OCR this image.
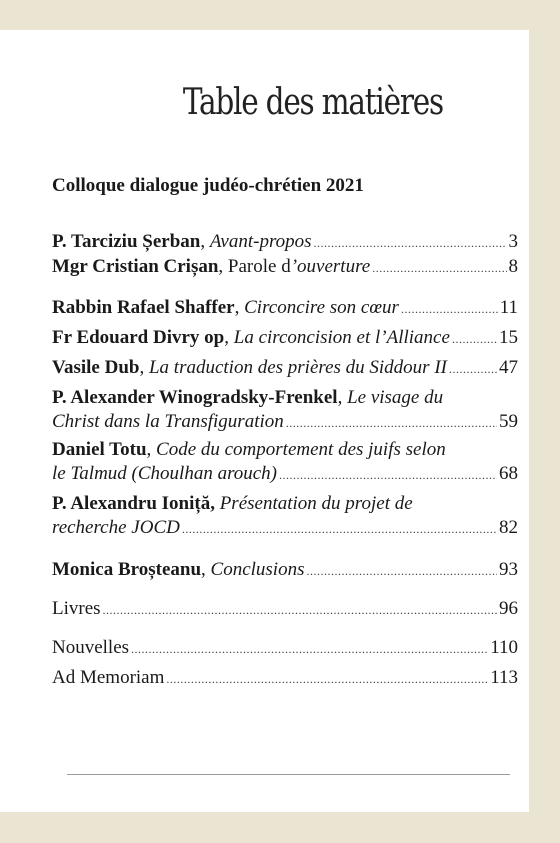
Table des matières
Colloque dialogue judéo-chrétien 2021
P. Tarciziu Șerban, Avant-propos .....	3
Mgr Cristian Crișan, Parole d’ouverture .....	8
Rabbin Rafael Shaffer, Circoncire son cœur .....	11
Fr Edouard Divry op, La circoncision et l’Alliance .....	15
Vasile Dub, La traduction des prières du Siddour II .....	47
P. Alexander Winogradsky-Frenkel, Le visage du
Christ dans la Transfiguration .....	59
Daniel Totu, Code du comportement des juifs selon
le Talmud (Choulhan arouch) .....	68
P. Alexandru Ioniță, Présentation du projet de
recherche JOCD .....	82
Monica Broșteanu, Conclusions .....	93
Livres .....	96
Nouvelles .....	110
Ad Memoriam .....	113
